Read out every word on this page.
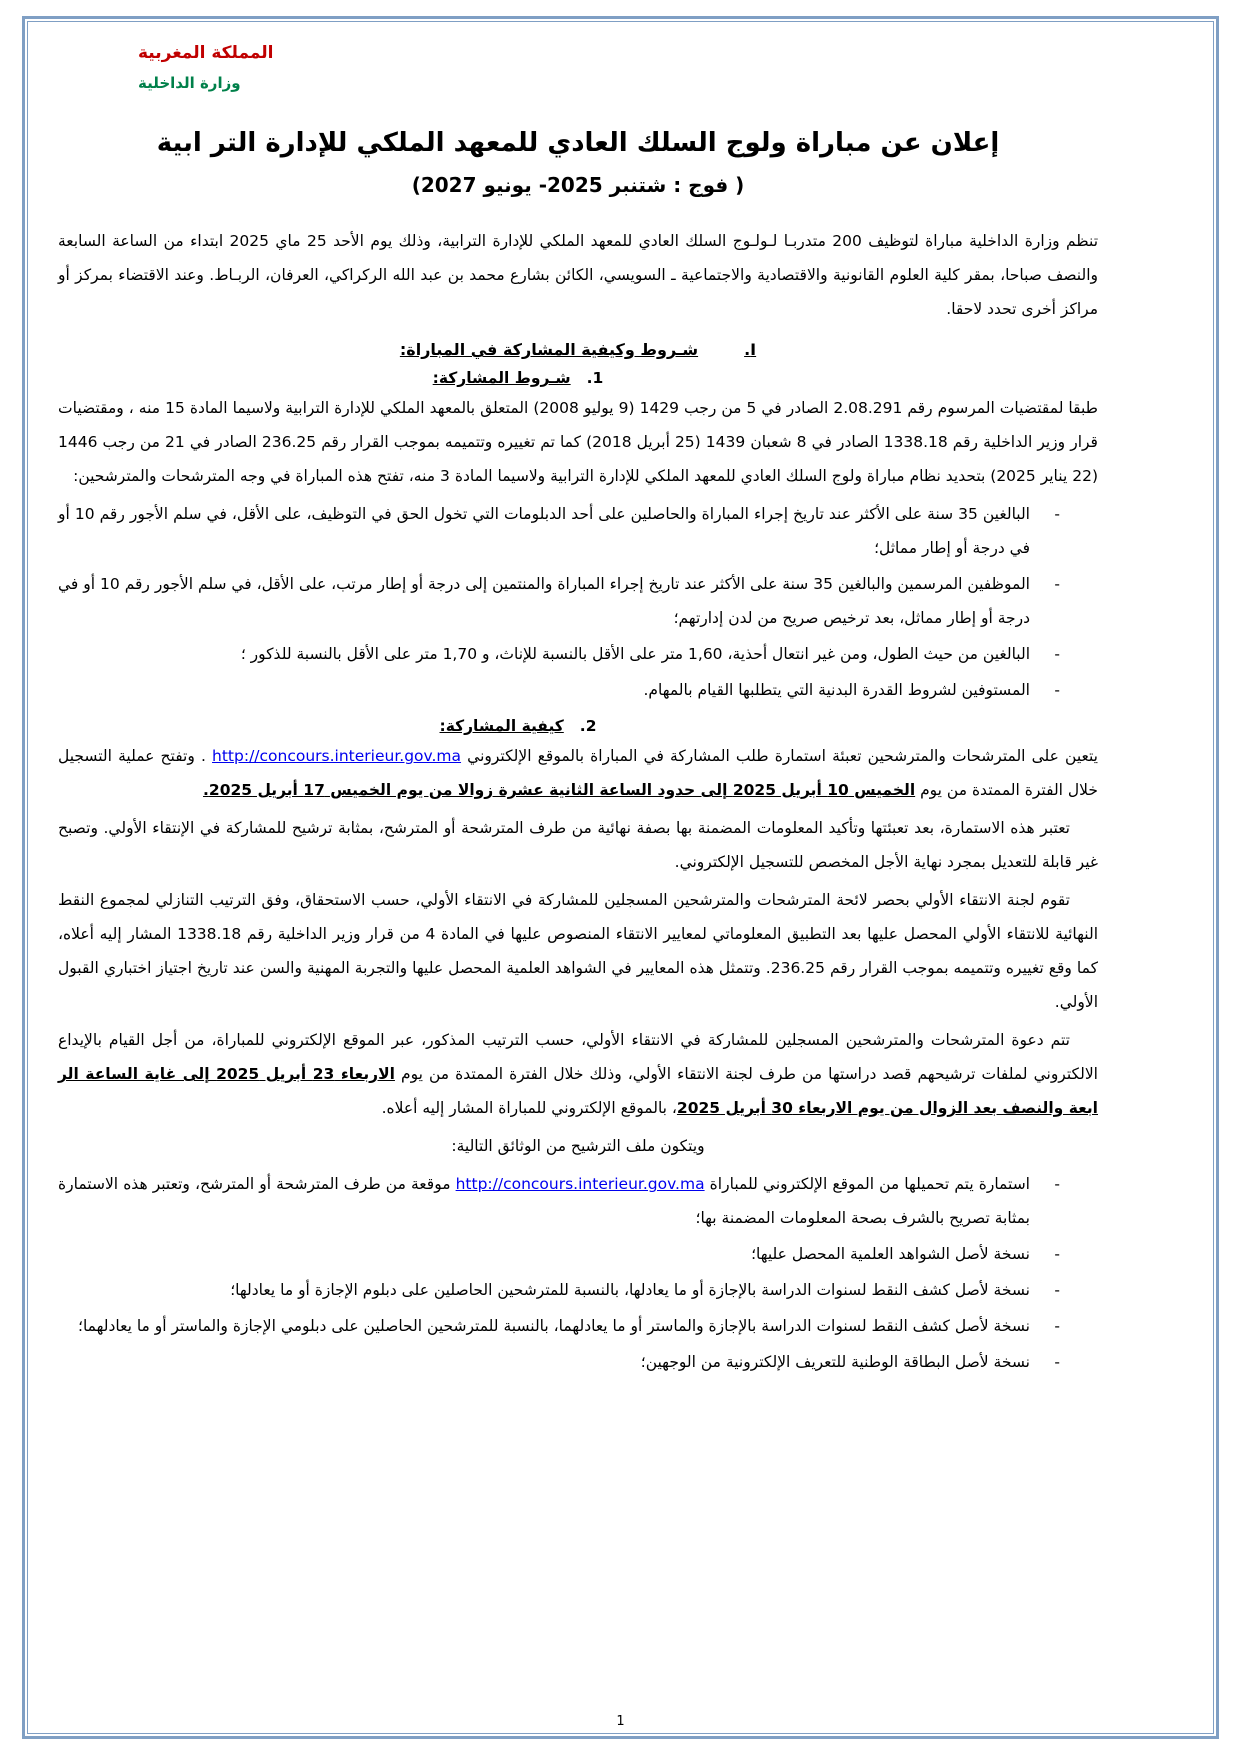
المملكة المغربية
وزارة الداخلية
إعلان عن مباراة ولوج السلك العادي للمعهد الملكي للإدارة التر ابية
( فوج : شتنبر 2025- يونيو 2027)

تنظم وزارة الداخلية مباراة لتوظيف 200 متدربـا لـولـوج السلك العادي للمعهد الملكي للإدارة الترابية، وذلك يوم الأحد 25 ماي 2025 ابتداء من الساعة السابعة والنصف صباحا، بمقر كلية العلوم القانونية والاقتصادية والاجتماعية ـ السويسي، الكائن بشارع محمد بن عبد الله الركراكي، العرفان، الربـاط. وعند الاقتضاء بمركز أو مراكز أخرى تحدد لاحقا.

I.
شـروط وكيفية المشاركة في المباراة:
1.
شـروط المشاركة:

طبقا لمقتضيات المرسوم رقم 2.08.291 الصادر في 5 من رجب 1429 (9 يوليو 2008) المتعلق بالمعهد الملكي للإدارة الترابية ولاسيما المادة 15 منه ، ومقتضيات قرار وزير الداخلية رقم 1338.18 الصادر في 8 شعبان 1439 (25 أبريل 2018) كما تم تغييره وتتميمه بموجب القرار رقم 236.25 الصادر في 21 من رجب 1446 (22 يناير 2025) بتحديد نظام مباراة ولوج السلك العادي للمعهد الملكي للإدارة الترابية ولاسيما المادة 3 منه، تفتح هذه المباراة في وجه المترشحات والمترشحين:

- البالغين 35 سنة على الأكثر عند تاريخ إجراء المباراة والحاصلين على أحد الدبلومات التي تخول الحق في التوظيف، على الأقل، في سلم الأجور رقم 10 أو في درجة أو إطار مماثل؛
- الموظفين المرسمين والبالغين 35 سنة على الأكثر عند تاريخ إجراء المباراة والمنتمين إلى درجة أو إطار مرتب، على الأقل، في سلم الأجور رقم 10 أو في درجة أو إطار مماثل، بعد ترخيص صريح من لدن إدارتهم؛
- البالغين من حيث الطول، ومن غير انتعال أحذية، 1,60 متر على الأقل بالنسبة للإناث، و 1,70 متر على الأقل بالنسبة للذكور ؛
- المستوفين لشروط القدرة البدنية التي يتطلبها القيام بالمهام.
2.
كيفية المشاركة:

يتعين على المترشحات والمترشحين تعبئة استمارة طلب المشاركة في المباراة بالموقع الإلكتروني http://concours.interieur.gov.ma . وتفتح عملية التسجيل خلال الفترة الممتدة من يوم الخميس 10 أبريل 2025 إلى حدود الساعة الثانية عشرة زوالا من يوم الخميس 17 أبريل 2025.

تعتبر هذه الاستمارة، بعد تعبئتها وتأكيد المعلومات المضمنة بها بصفة نهائية من طرف المترشحة أو المترشح، بمثابة ترشيح للمشاركة في الإنتقاء الأولي. وتصبح غير قابلة للتعديل بمجرد نهاية الأجل المخصص للتسجيل الإلكتروني.

تقوم لجنة الانتقاء الأولي بحصر لائحة المترشحات والمترشحين المسجلين للمشاركة في الانتقاء الأولي، حسب الاستحقاق، وفق الترتيب التنازلي لمجموع النقط النهائية للانتقاء الأولي المحصل عليها بعد التطبيق المعلوماتي لمعايير الانتقاء المنصوص عليها في المادة 4 من قرار وزير الداخلية رقم 1338.18 المشار إليه أعلاه، كما وقع تغييره وتتميمه بموجب القرار رقم 236.25. وتتمثل هذه المعايير في الشواهد العلمية المحصل عليها والتجربة المهنية والسن عند تاريخ اجتياز اختباري القبول الأولي.

تتم دعوة المترشحات والمترشحين المسجلين للمشاركة في الانتقاء الأولي، حسب الترتيب المذكور، عبر الموقع الإلكتروني للمباراة، من أجل القيام بالإيداع الالكتروني لملفات ترشيحهم قصد دراستها من طرف لجنة الانتقاء الأولي، وذلك خلال الفترة الممتدة من يوم الاربعاء 23 أبريل 2025 إلى غاية الساعة الر ابعة والنصف بعد الزوال من يوم الاربعاء 30 أبريل 2025، بالموقع الإلكتروني للمباراة المشار إليه أعلاه.

ويتكون ملف الترشيح من الوثائق التالية:

- استمارة يتم تحميلها من الموقع الإلكتروني للمباراة http://concours.interieur.gov.ma موقعة من طرف المترشحة أو المترشح، وتعتبر هذه الاستمارة بمثابة تصريح بالشرف بصحة المعلومات المضمنة بها؛
- نسخة لأصل الشواهد العلمية المحصل عليها؛
- نسخة لأصل كشف النقط لسنوات الدراسة بالإجازة أو ما يعادلها، بالنسبة للمترشحين الحاصلين على دبلوم الإجازة أو ما يعادلها؛
- نسخة لأصل كشف النقط لسنوات الدراسة بالإجازة والماستر أو ما يعادلهما، بالنسبة للمترشحين الحاصلين على دبلومي الإجازة والماستر أو ما يعادلهما؛
- نسخة لأصل البطاقة الوطنية للتعريف الإلكترونية من الوجهين؛
1
